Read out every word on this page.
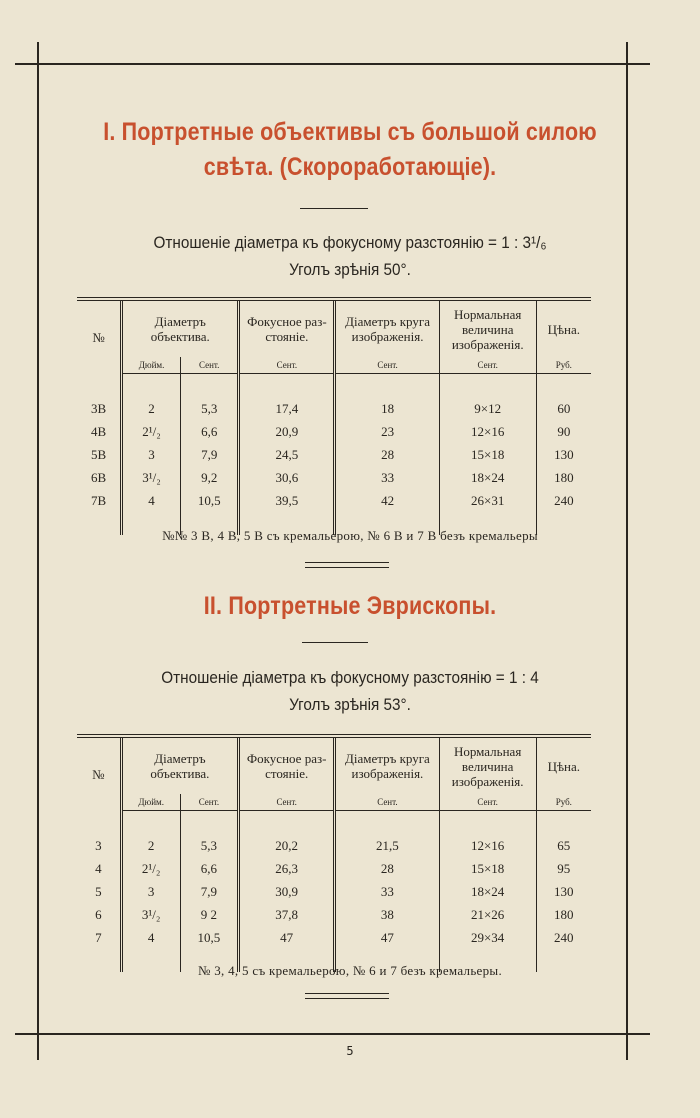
I. Портретные объективы съ большой силою
свѣта. (Скороработающіе).
Отношеніе діаметра къ фокусному разстоянію = 1 : 3¹/₆
Уголъ зрѣнія 50°.
№	Діаметръ объектива.		Фокусное раз- стояніе.	Діаметръ круга изображенія.	Нормальная величина изображенія.	Цѣна.
	Дюйм.	Сент.	Сент.	Сент.	Сент.	Руб.

3B	2	5,3	17,4	18	9×12	60
4B	2¹/₂	6,6	20,9	23	12×16	90
5B	3	7,9	24,5	28	15×18	130
6B	3¹/₂	9,2	30,6	33	18×24	180
7B	4	10,5	39,5	42	26×31	240

№№ 3 B, 4 B, 5 B съ кремальерою, № 6 B и 7 B безъ кремальеры
II. Портретные Эврископы.
Отношеніе діаметра къ фокусному разстоянію = 1 : 4
Уголъ зрѣнія 53°.
№	Діаметръ объектива.		Фокусное раз- стояніе.	Діаметръ круга изображенія.	Нормальная величина изображенія.	Цѣна.
	Дюйм.	Сент.	Сент.	Сент.	Сент.	Руб.

3	2	5,3	20,2	21,5	12×16	65
4	2¹/₂	6,6	26,3	28	15×18	95
5	3	7,9	30,9	33	18×24	130
6	3¹/₂	9 2	37,8	38	21×26	180
7	4	10,5	47	47	29×34	240

№ 3, 4, 5 съ кремальерою, № 6 и 7 безъ кремальеры.
5
